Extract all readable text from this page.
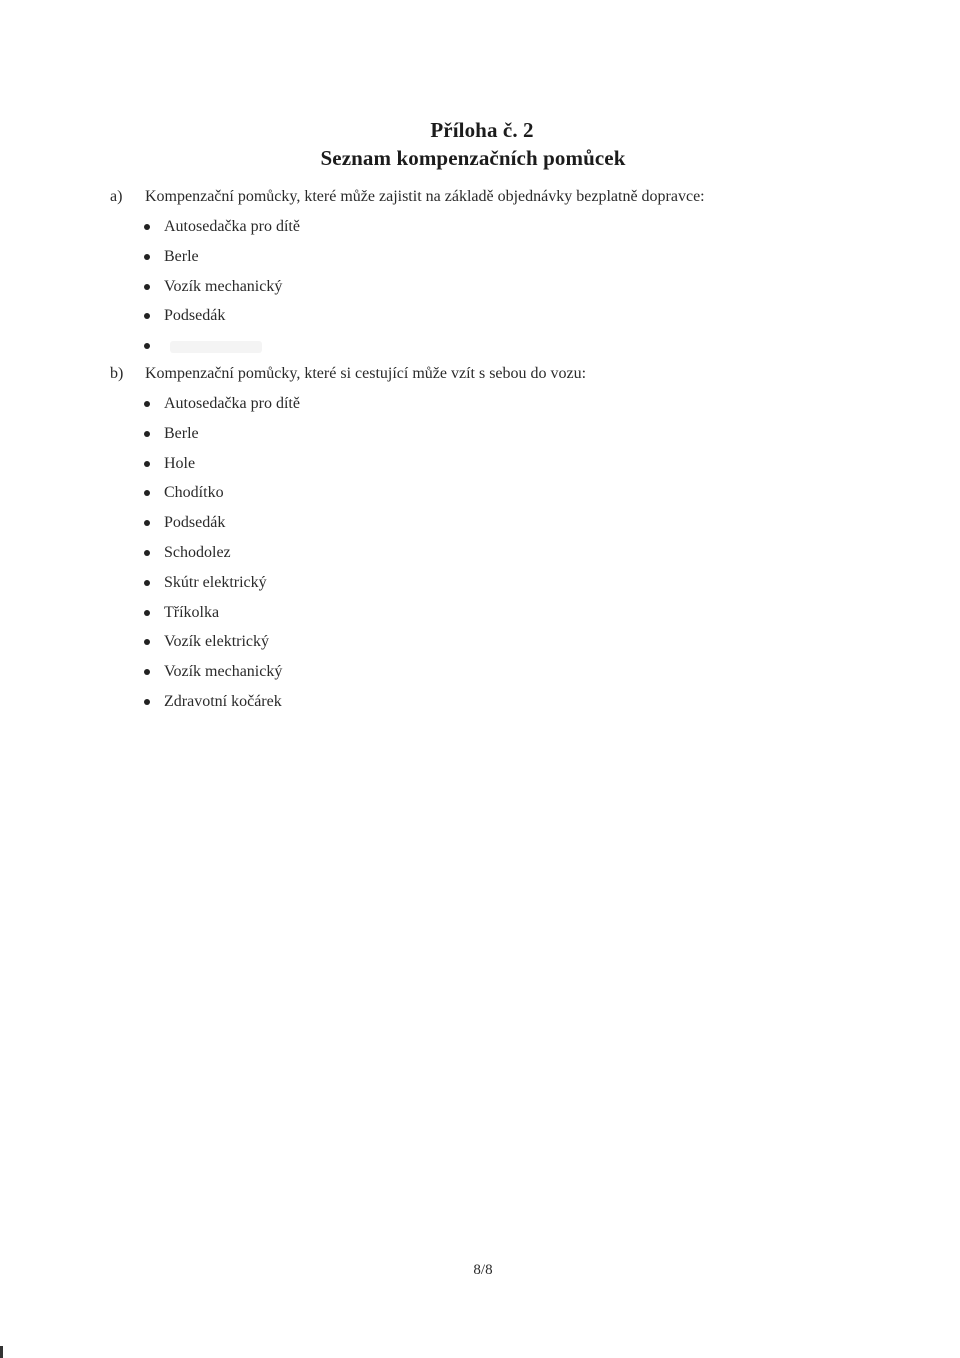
Příloha č. 2
Seznam kompenzačních pomůcek
a) Kompenzační pomůcky, které může zajistit na základě objednávky bezplatně dopravce:
Autosedačka pro dítě
Berle
Vozík mechanický
Podsedák
b) Kompenzační pomůcky, které si cestující může vzít s sebou do vozu:
Autosedačka pro dítě
Berle
Hole
Chodítko
Podsedák
Schodolez
Skútr elektrický
Tříkolka
Vozík elektrický
Vozík mechanický
Zdravotní kočárek
8/8
